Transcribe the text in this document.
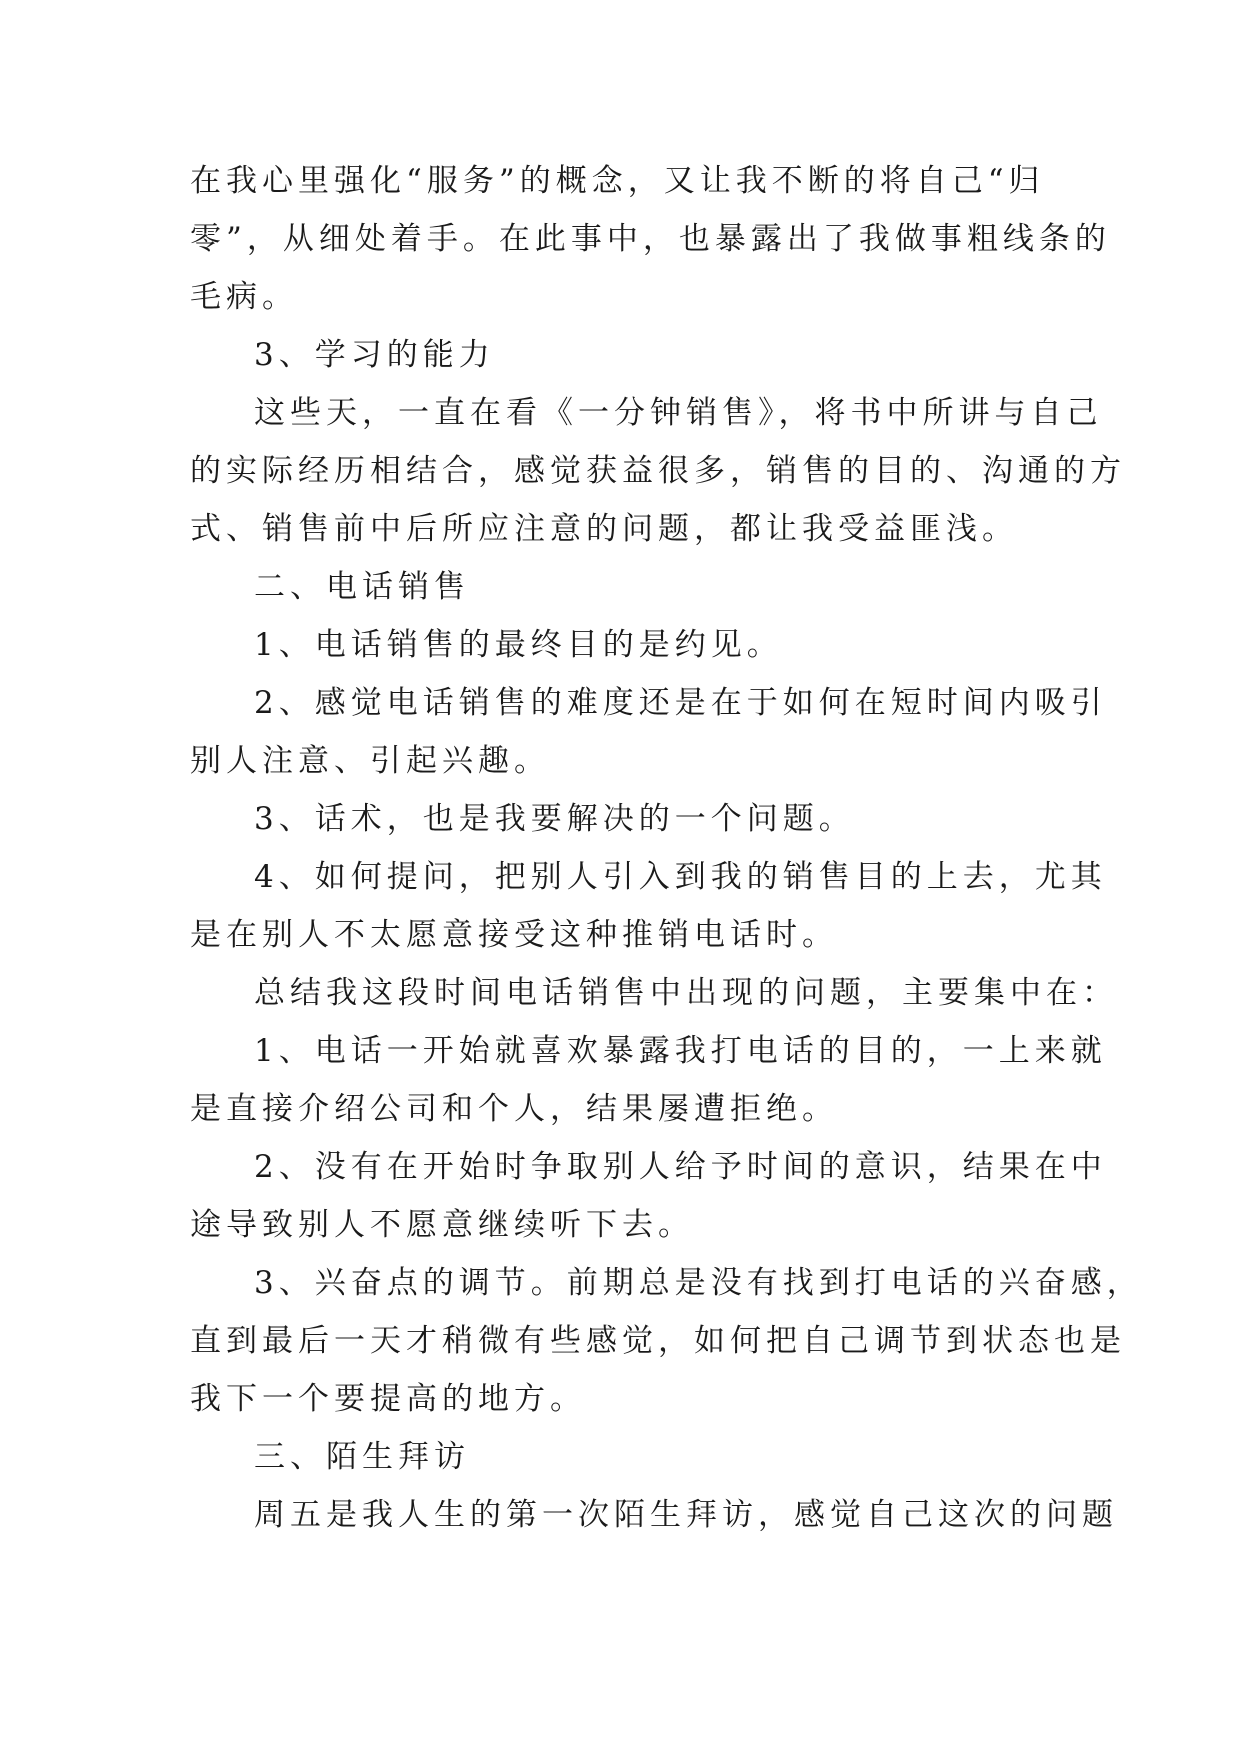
在我心里强化“服务”的概念，又让我不断的将自己“归
零”，从细处着手。在此事中，也暴露出了我做事粗线条的
毛病。
3、学习的能力
这些天，一直在看《一分钟销售》，将书中所讲与自己
的实际经历相结合，感觉获益很多，销售的目的、沟通的方
式、销售前中后所应注意的问题，都让我受益匪浅。
二、电话销售
1、电话销售的最终目的是约见。
2、感觉电话销售的难度还是在于如何在短时间内吸引
别人注意、引起兴趣。
3、话术，也是我要解决的一个问题。
4、如何提问，把别人引入到我的销售目的上去，尤其
是在别人不太愿意接受这种推销电话时。
总结我这段时间电话销售中出现的问题，主要集中在：
1、电话一开始就喜欢暴露我打电话的目的，一上来就
是直接介绍公司和个人，结果屡遭拒绝。
2、没有在开始时争取别人给予时间的意识，结果在中
途导致别人不愿意继续听下去。
3、兴奋点的调节。前期总是没有找到打电话的兴奋感，
直到最后一天才稍微有些感觉，如何把自己调节到状态也是
我下一个要提高的地方。
三、陌生拜访
周五是我人生的第一次陌生拜访，感觉自己这次的问题
